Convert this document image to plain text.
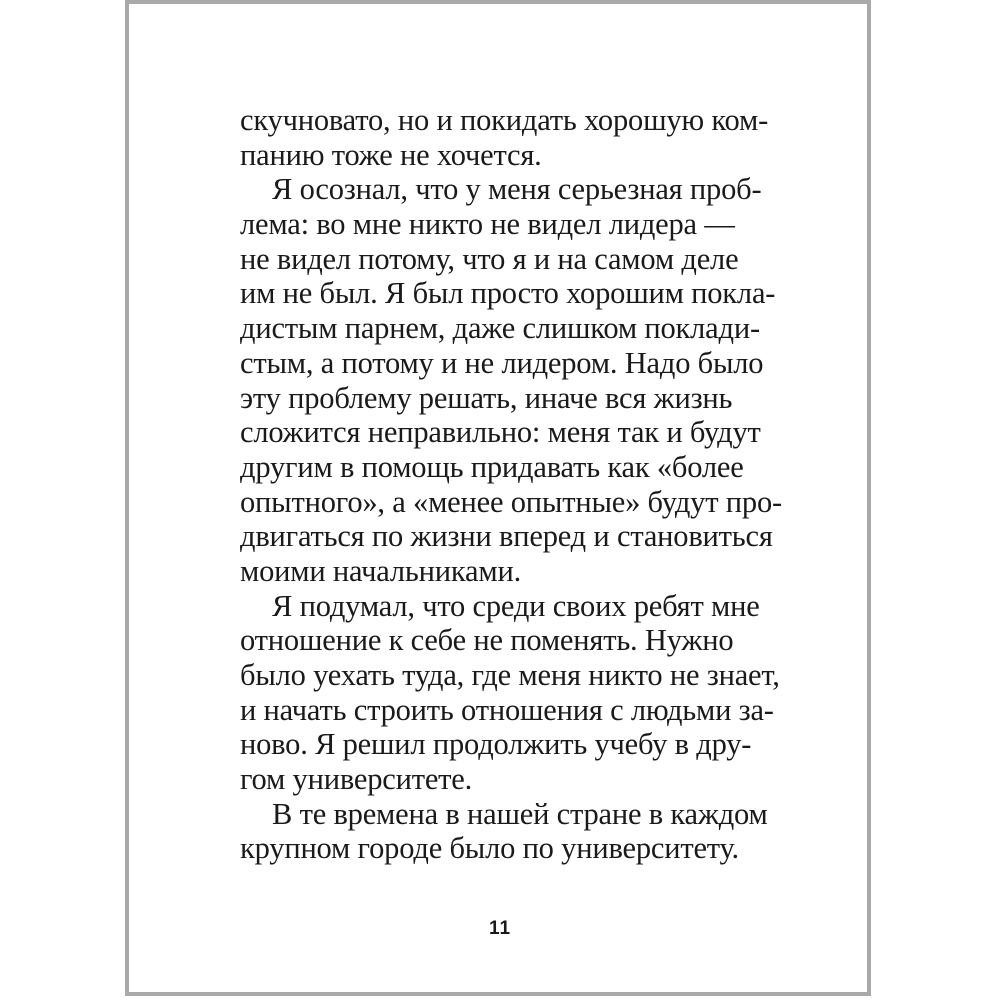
скучновато, но и покидать хорошую ком-
панию тоже не хочется.
Я осознал, что у меня серьезная проб-
лема: во мне никто не видел лидера —
не видел потому, что я и на самом деле
им не был. Я был просто хорошим покла-
дистым парнем, даже слишком поклади-
стым, а потому и не лидером. Надо было
эту проблему решать, иначе вся жизнь
сложится неправильно: меня так и будут
другим в помощь придавать как «более
опытного», а «менее опытные» будут про-
двигаться по жизни вперед и становиться
моими начальниками.
Я подумал, что среди своих ребят мне
отношение к себе не поменять. Нужно
было уехать туда, где меня никто не знает,
и начать строить отношения с людьми за-
ново. Я решил продолжить учебу в дру-
гом университете.
В те времена в нашей стране в каждом
крупном городе было по университету.
11
